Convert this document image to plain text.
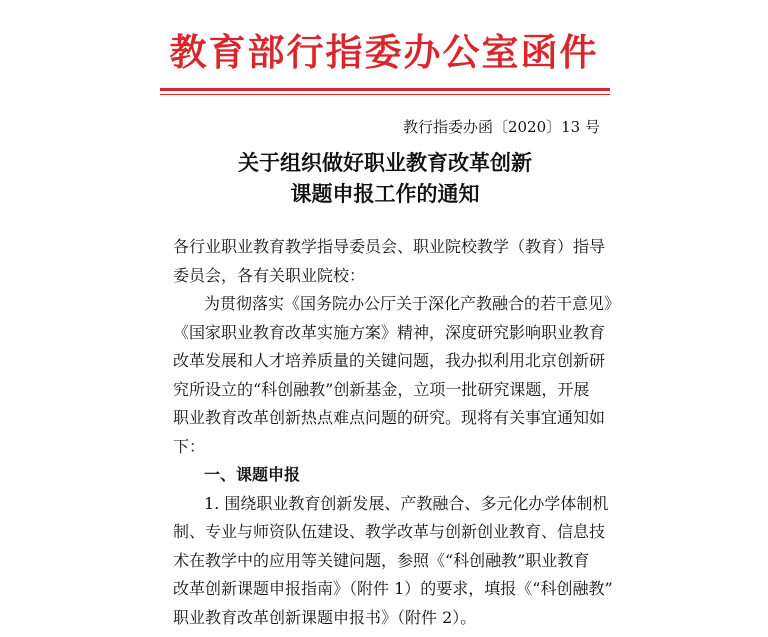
教育部行指委办公室函件
教行指委办函〔2020〕13 号
关于组织做好职业教育改革创新
课题申报工作的通知
各行业职业教育教学指导委员会、职业院校教学（教育）指导
委员会，各有关职业院校：
为贯彻落实《国务院办公厅关于深化产教融合的若干意见》
《国家职业教育改革实施方案》精神，深度研究影响职业教育
改革发展和人才培养质量的关键问题，我办拟利用北京创新研
究所设立的“科创融教”创新基金，立项一批研究课题，开展
职业教育改革创新热点难点问题的研究。现将有关事宜通知如
下：
一、课题申报
1. 围绕职业教育创新发展、产教融合、多元化办学体制机
制、专业与师资队伍建设、教学改革与创新创业教育、信息技
术在教学中的应用等关键问题，参照《“科创融教”职业教育
改革创新课题申报指南》（附件 1）的要求，填报《“科创融教”
职业教育改革创新课题申报书》（附件 2）。
